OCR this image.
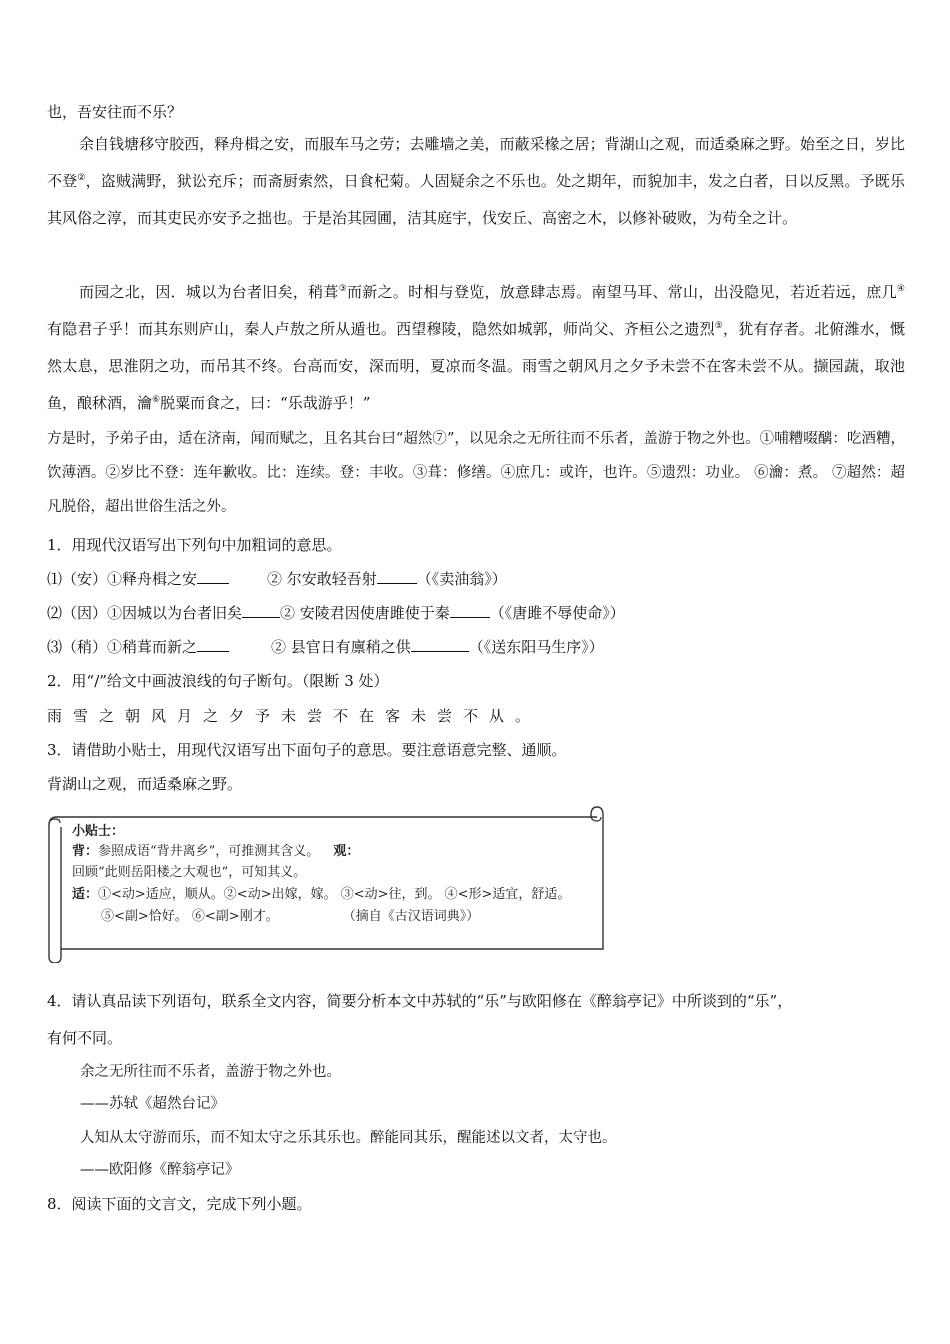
也，吾安往而不乐？
余自钱塘移守胶西，释舟楫之安，而服车马之劳；去雕墙之美，而蔽采椽之居；背湖山之观，而适桑麻之野。始至之日，岁比不登②，盗贼满野，狱讼充斥；而斋厨索然，日食杞菊。人固疑余之不乐也。处之期年，而貌加丰，发之白者，日以反黑。予既乐其风俗之淳，而其吏民亦安予之拙也。于是治其园圃，洁其庭宇，伐安丘、高密之木，以修补破败，为苟全之计。
而园之北，因．城以为台者旧矣，稍葺③而新之。时相与登览，放意肆志焉。南望马耳、常山，出没隐见，若近若远，庶几④有隐君子乎！而其东则庐山，秦人卢敖之所从遁也。西望穆陵，隐然如城郭，师尚父、齐桓公之遗烈⑤，犹有存者。北俯潍水，慨然太息，思淮阴之功，而吊其不终。台高而安，深而明，夏凉而冬温。雨雪之朝风月之夕予未尝不在客未尝不从。撷园蔬，取池鱼，酿秫酒，瀹⑥脱粟而食之，曰：“乐哉游乎！”
方是时，予弟子由，适在济南，闻而赋之，且名其台曰“超然⑦”，以见余之无所往而不乐者，盖游于物之外也。①哺糟啜醨：吃酒糟，饮薄酒。②岁比不登：连年歉收。比：连续。登：丰收。③葺：修缮。④庶几：或许，也许。⑤遗烈：功业。 ⑥瀹：煮。 ⑦超然：超凡脱俗，超出世俗生活之外。
1．用现代汉语写出下列句中加粗词的意思。
⑴（安）①释舟楫之安	② 尔安敢轻吾射	（《卖油翁》）
⑵（因）①因城以为台者旧矣	② 安陵君因使唐雎使于秦	（《唐雎不辱使命》）
⑶（稍）①稍葺而新之	② 县官日有廪稍之供	（《送东阳马生序》）
2．用“/”给文中画波浪线的句子断句。（限断 3 处）
雨雪之朝风月之夕予未尝不在客未尝不从。
3．请借助小贴士，用现代汉语写出下面句子的意思。要注意语意完整、通顺。
背湖山之观，而适桑麻之野。
小贴士：
背：参照成语“背井离乡”，可推测其含义。 观：
回顾“此则岳阳楼之大观也”，可知其义。
适：①<动>适应，顺从。②<动>出嫁，嫁。 ③<动>往，到。 ④<形>适宜，舒适。
⑤<副>恰好。 ⑥<副>刚才。	（摘自《古汉语词典》）
4．请认真品读下列语句，联系全文内容，简要分析本文中苏轼的“乐”与欧阳修在《醉翁亭记》中所谈到的“乐”，
有何不同。
余之无所往而不乐者，盖游于物之外也。
——苏轼《超然台记》
人知从太守游而乐，而不知太守之乐其乐也。醉能同其乐，醒能述以文者，太守也。
——欧阳修《醉翁亭记》
8．阅读下面的文言文，完成下列小题。
